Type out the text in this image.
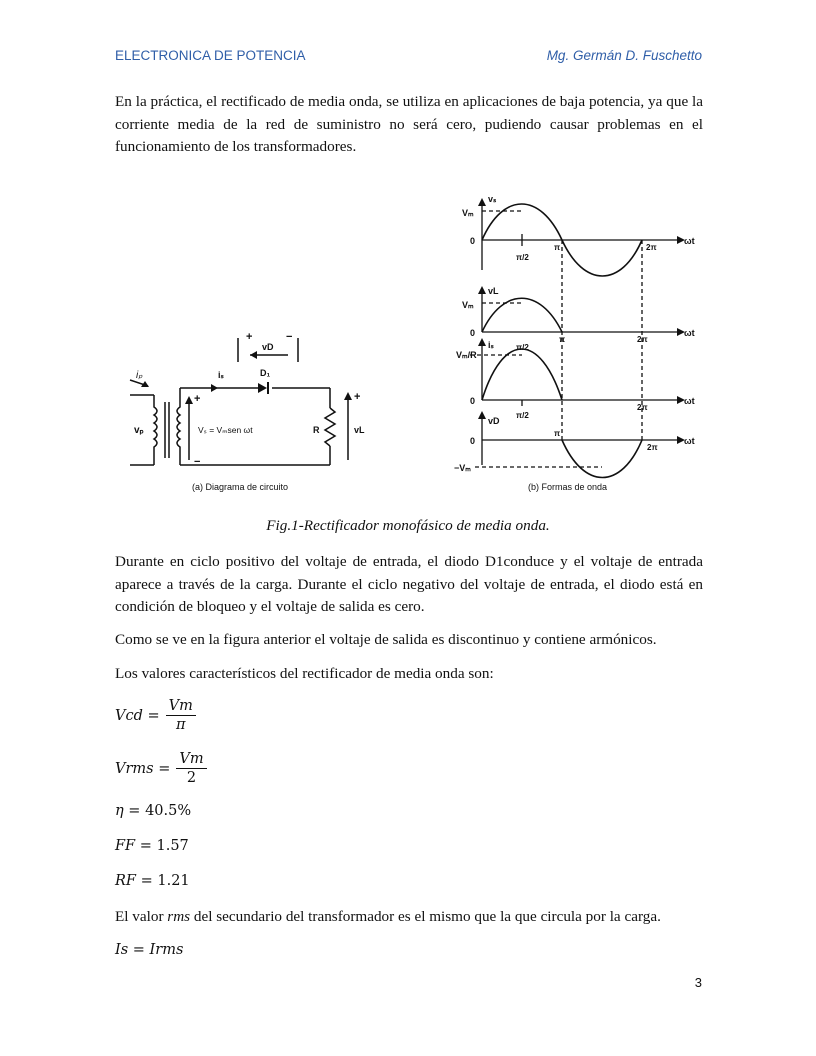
ELECTRONICA DE POTENCIA	Mg. Germán D. Fuschetto

En la práctica, el rectificado de media onda, se utiliza en aplicaciones de baja potencia, ya que la corriente media de la red de suministro no será cero, pudiendo causar problemas en el funcionamiento de los transformadores.

vₚ
iₚ	iₛ	D₁
vD
+	−
Vₛ = Vₘsen ωt
+
−
R
+
vL
(a) Diagrama de circuito
vₛ
Vₘ
0
π/2
π	2π
ωt
vL
Vₘ
0
π/2
π	2π
ωt
iₛ
Vₘ/R
0
π/2
2π
ωt
vD
0
π
2π
ωt
−Vₘ
(b) Formas de onda
Fig.1-Rectificador monofásico de media onda.

Durante en ciclo positivo del voltaje de entrada, el diodo D1conduce y el voltaje de entrada aparece a través de la carga. Durante el ciclo negativo del voltaje de entrada, el diodo está en condición de bloqueo y el voltaje de salida es cero.

Como se ve en la figura anterior el voltaje de salida es discontinuo y contiene armónicos.

Los valores característicos del rectificador de media onda son:

Vcd = $\frac{Vm}{\pi}$
Vrms = $\frac{Vm}{2}$
η =
40.5%
FF =
1.57
RF =
1.21

El valor rms del secundario del transformador es el mismo que la que circula por la carga.

Is = Irms
3
